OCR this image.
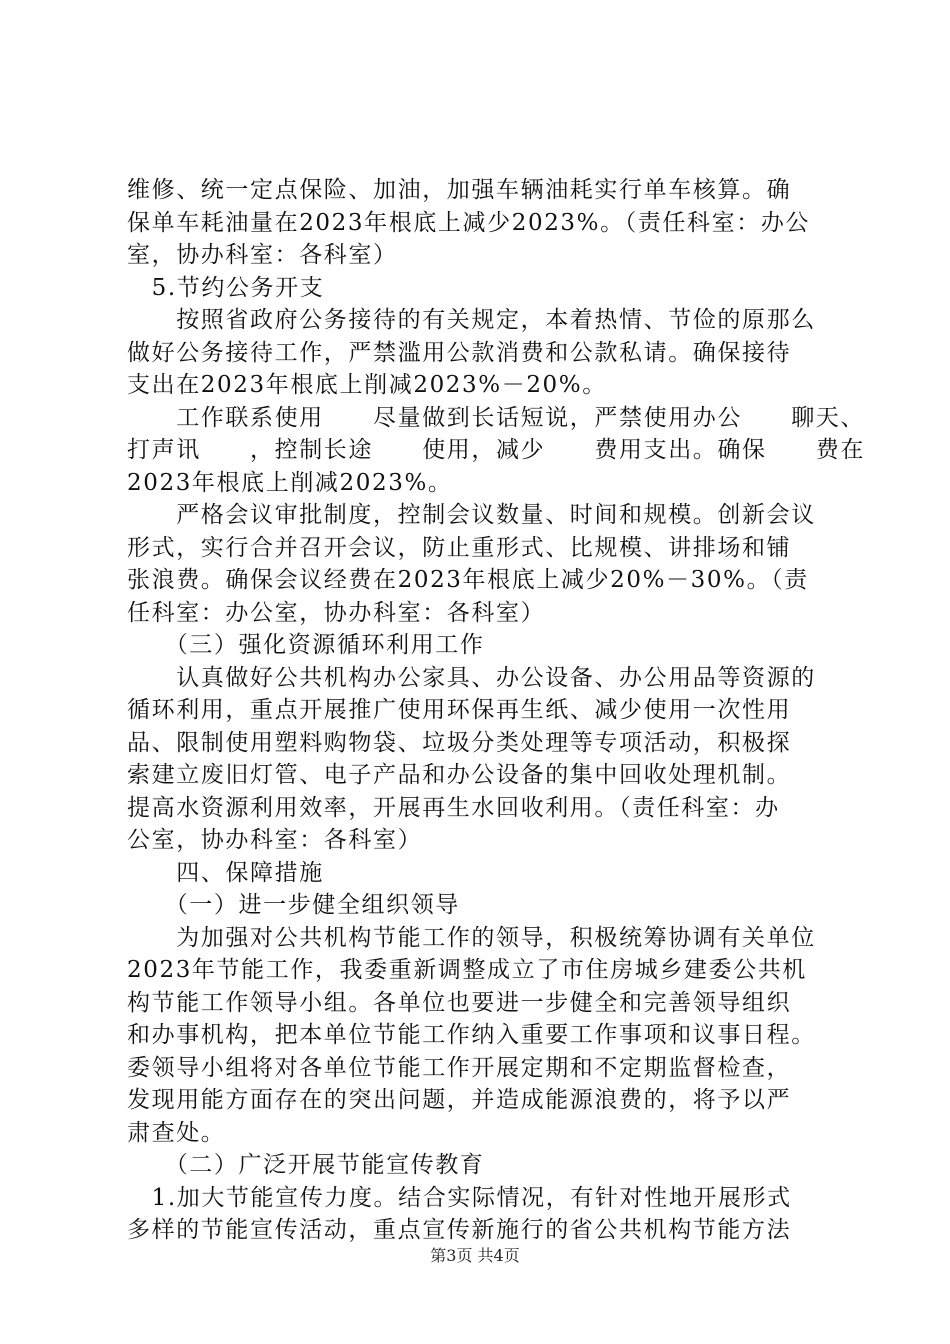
维修、统一定点保险、加油，加强车辆油耗实行单车核算。确

保单车耗油量在2023年根底上减少2023%。（责任科室：办公

室，协办科室：各科室）

　5.节约公务开支

　　按照省政府公务接待的有关规定，本着热情、节俭的原那么

做好公务接待工作，严禁滥用公款消费和公款私请。确保接待

支出在2023年根底上削减2023%－20%。

　　工作联系使用　　尽量做到长话短说，严禁使用办公　　聊天、

打声讯　　，控制长途　　使用，减少　　费用支出。确保　　费在

2023年根底上削减2023%。

　　严格会议审批制度，控制会议数量、时间和规模。创新会议

形式，实行合并召开会议，防止重形式、比规模、讲排场和铺

张浪费。确保会议经费在2023年根底上减少20%－30%。（责

任科室：办公室，协办科室：各科室）

　　（三）强化资源循环利用工作

　　认真做好公共机构办公家具、办公设备、办公用品等资源的

循环利用，重点开展推广使用环保再生纸、减少使用一次性用

品、限制使用塑料购物袋、垃圾分类处理等专项活动，积极探

索建立废旧灯管、电子产品和办公设备的集中回收处理机制。

提高水资源利用效率，开展再生水回收利用。（责任科室：办

公室，协办科室：各科室）

　　四、保障措施

　　（一）进一步健全组织领导

　　为加强对公共机构节能工作的领导，积极统筹协调有关单位

2023年节能工作，我委重新调整成立了市住房城乡建委公共机

构节能工作领导小组。各单位也要进一步健全和完善领导组织

和办事机构，把本单位节能工作纳入重要工作事项和议事日程。

委领导小组将对各单位节能工作开展定期和不定期监督检查，

发现用能方面存在的突出问题，并造成能源浪费的，将予以严

肃查处。

　　（二）广泛开展节能宣传教育

　1.加大节能宣传力度。结合实际情况，有针对性地开展形式

多样的节能宣传活动，重点宣传新施行的省公共机构节能方法

第3页 共4页
